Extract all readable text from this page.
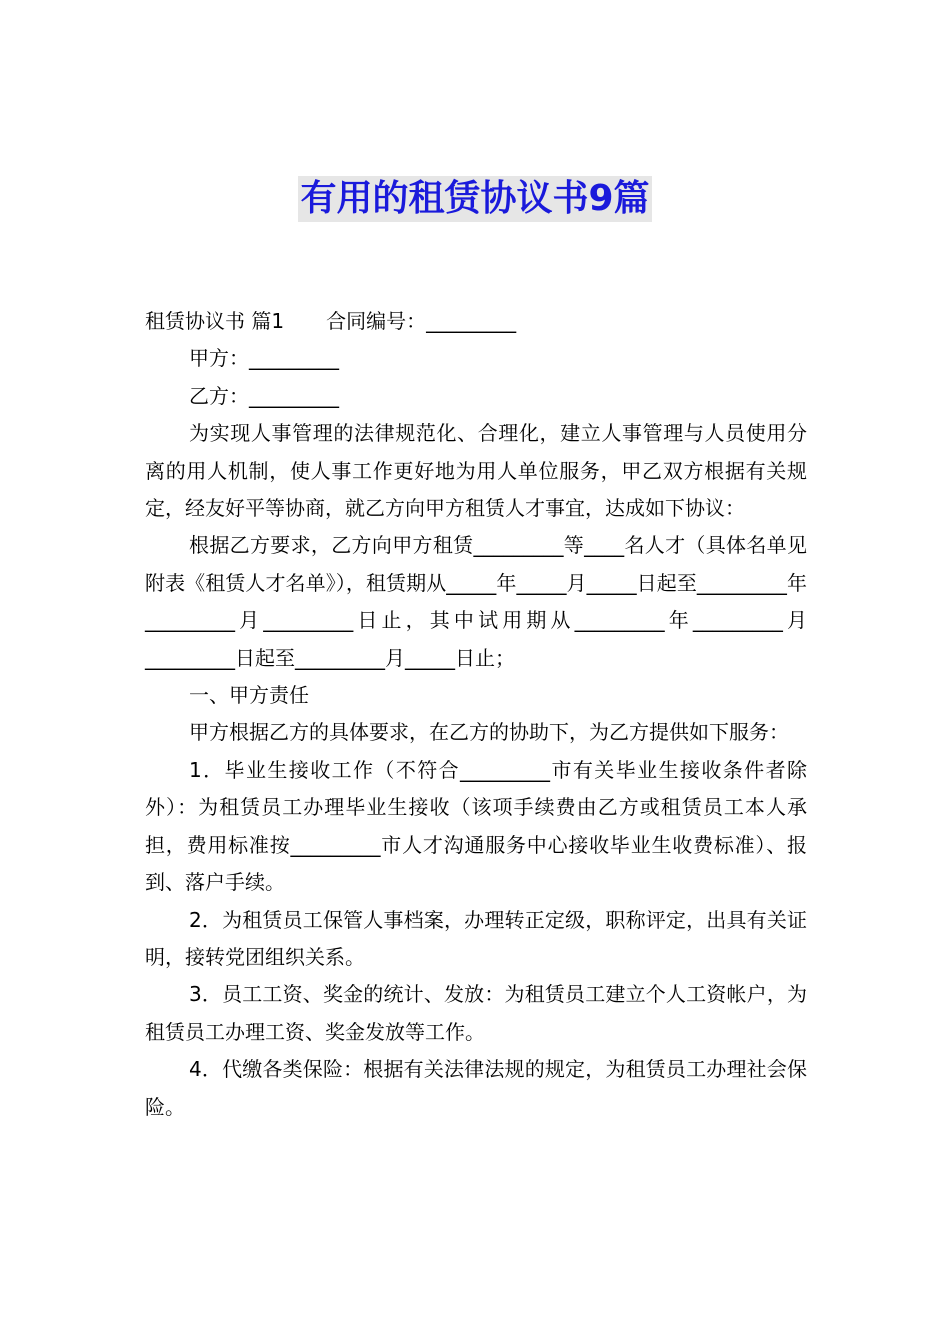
有用的租赁协议书9篇

租赁协议书 篇1 合同编号：_________

甲方：_________

乙方：_________

为实现人事管理的法律规范化、合理化，建立人事管理与人员使用分离的用人机制，使人事工作更好地为用人单位服务，甲乙双方根据有关规定，经友好平等协商，就乙方向甲方租赁人才事宜，达成如下协议：

根据乙方要求，乙方向甲方租赁_________等____名人才（具体名单见附表《租赁人才名单》），租赁期从_____年_____月_____日起至_________年_________月_________日止，其中试用期从_________年_________月_________日起至_________月_____日止；

一、甲方责任

甲方根据乙方的具体要求，在乙方的协助下，为乙方提供如下服务：

1．毕业生接收工作（不符合_________市有关毕业生接收条件者除外）：为租赁员工办理毕业生接收（该项手续费由乙方或租赁员工本人承担，费用标准按_________市人才沟通服务中心接收毕业生收费标准）、报到、落户手续。

2．为租赁员工保管人事档案，办理转正定级，职称评定，出具有关证明，接转党团组织关系。

3．员工工资、奖金的统计、发放：为租赁员工建立个人工资帐户，为租赁员工办理工资、奖金发放等工作。

4．代缴各类保险：根据有关法律法规的规定，为租赁员工办理社会保险。
